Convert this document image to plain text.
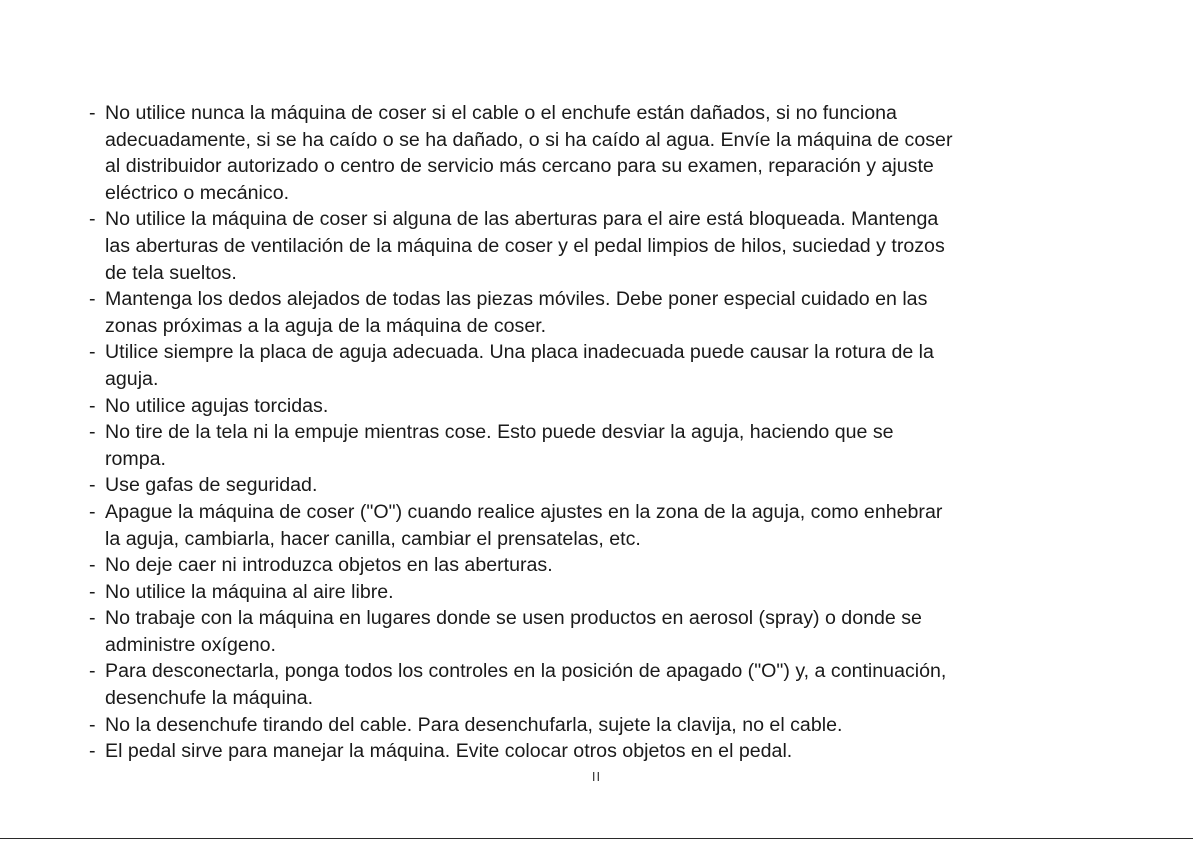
- No utilice nunca la máquina de coser si el cable o el enchufe están dañados, si no funciona
adecuadamente, si se ha caído o se ha dañado, o si ha caído al agua. Envíe la máquina de coser
al distribuidor autorizado o centro de servicio más cercano para su examen, reparación y ajuste
eléctrico o mecánico.
- No utilice la máquina de coser si alguna de las aberturas para el aire está bloqueada. Mantenga
las aberturas de ventilación de la máquina de coser y el pedal limpios de hilos, suciedad y trozos
de tela sueltos.
- Mantenga los dedos alejados de todas las piezas móviles. Debe poner especial cuidado en las
zonas próximas a la aguja de la máquina de coser.
- Utilice siempre la placa de aguja adecuada. Una placa inadecuada puede causar la rotura de la
aguja.
- No utilice agujas torcidas.
- No tire de la tela ni la empuje mientras cose. Esto puede desviar la aguja, haciendo que se
rompa.
- Use gafas de seguridad.
- Apague la máquina de coser ("O") cuando realice ajustes en la zona de la aguja, como enhebrar
la aguja, cambiarla, hacer canilla, cambiar el prensatelas, etc.
- No deje caer ni introduzca objetos en las aberturas.
- No utilice la máquina al aire libre.
- No trabaje con la máquina en lugares donde se usen productos en aerosol (spray) o donde se
administre oxígeno.
- Para desconectarla, ponga todos los controles en la posición de apagado ("O") y, a continuación,
desenchufe la máquina.
- No la desenchufe tirando del cable. Para desenchufarla, sujete la clavija, no el cable.
- El pedal sirve para manejar la máquina. Evite colocar otros objetos en el pedal.
II
